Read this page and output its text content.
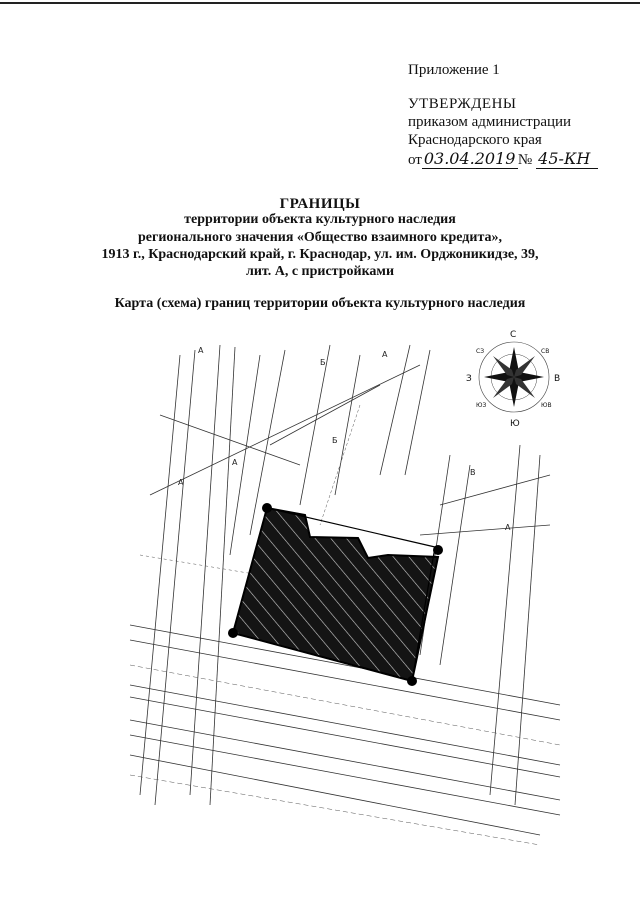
Приложение 1
УТВЕРЖДЕНЫ
приказом администрации
Краснодарского края
от 03.04.2019 № 45-КН
ГРАНИЦЫ
территории объекта культурного наследия
регионального значения «Общество взаимного кредита»,
1913 г., Краснодарский край, г. Краснодар, ул. им. Орджоникидзе, 39,
лит. А, с пристройками
Карта (схема) границ территории объекта культурного наследия
А
А
А
Б
А
В
А
Б
С
Ю
З	В
СЗ	СВ
ЮЗ	ЮВ
